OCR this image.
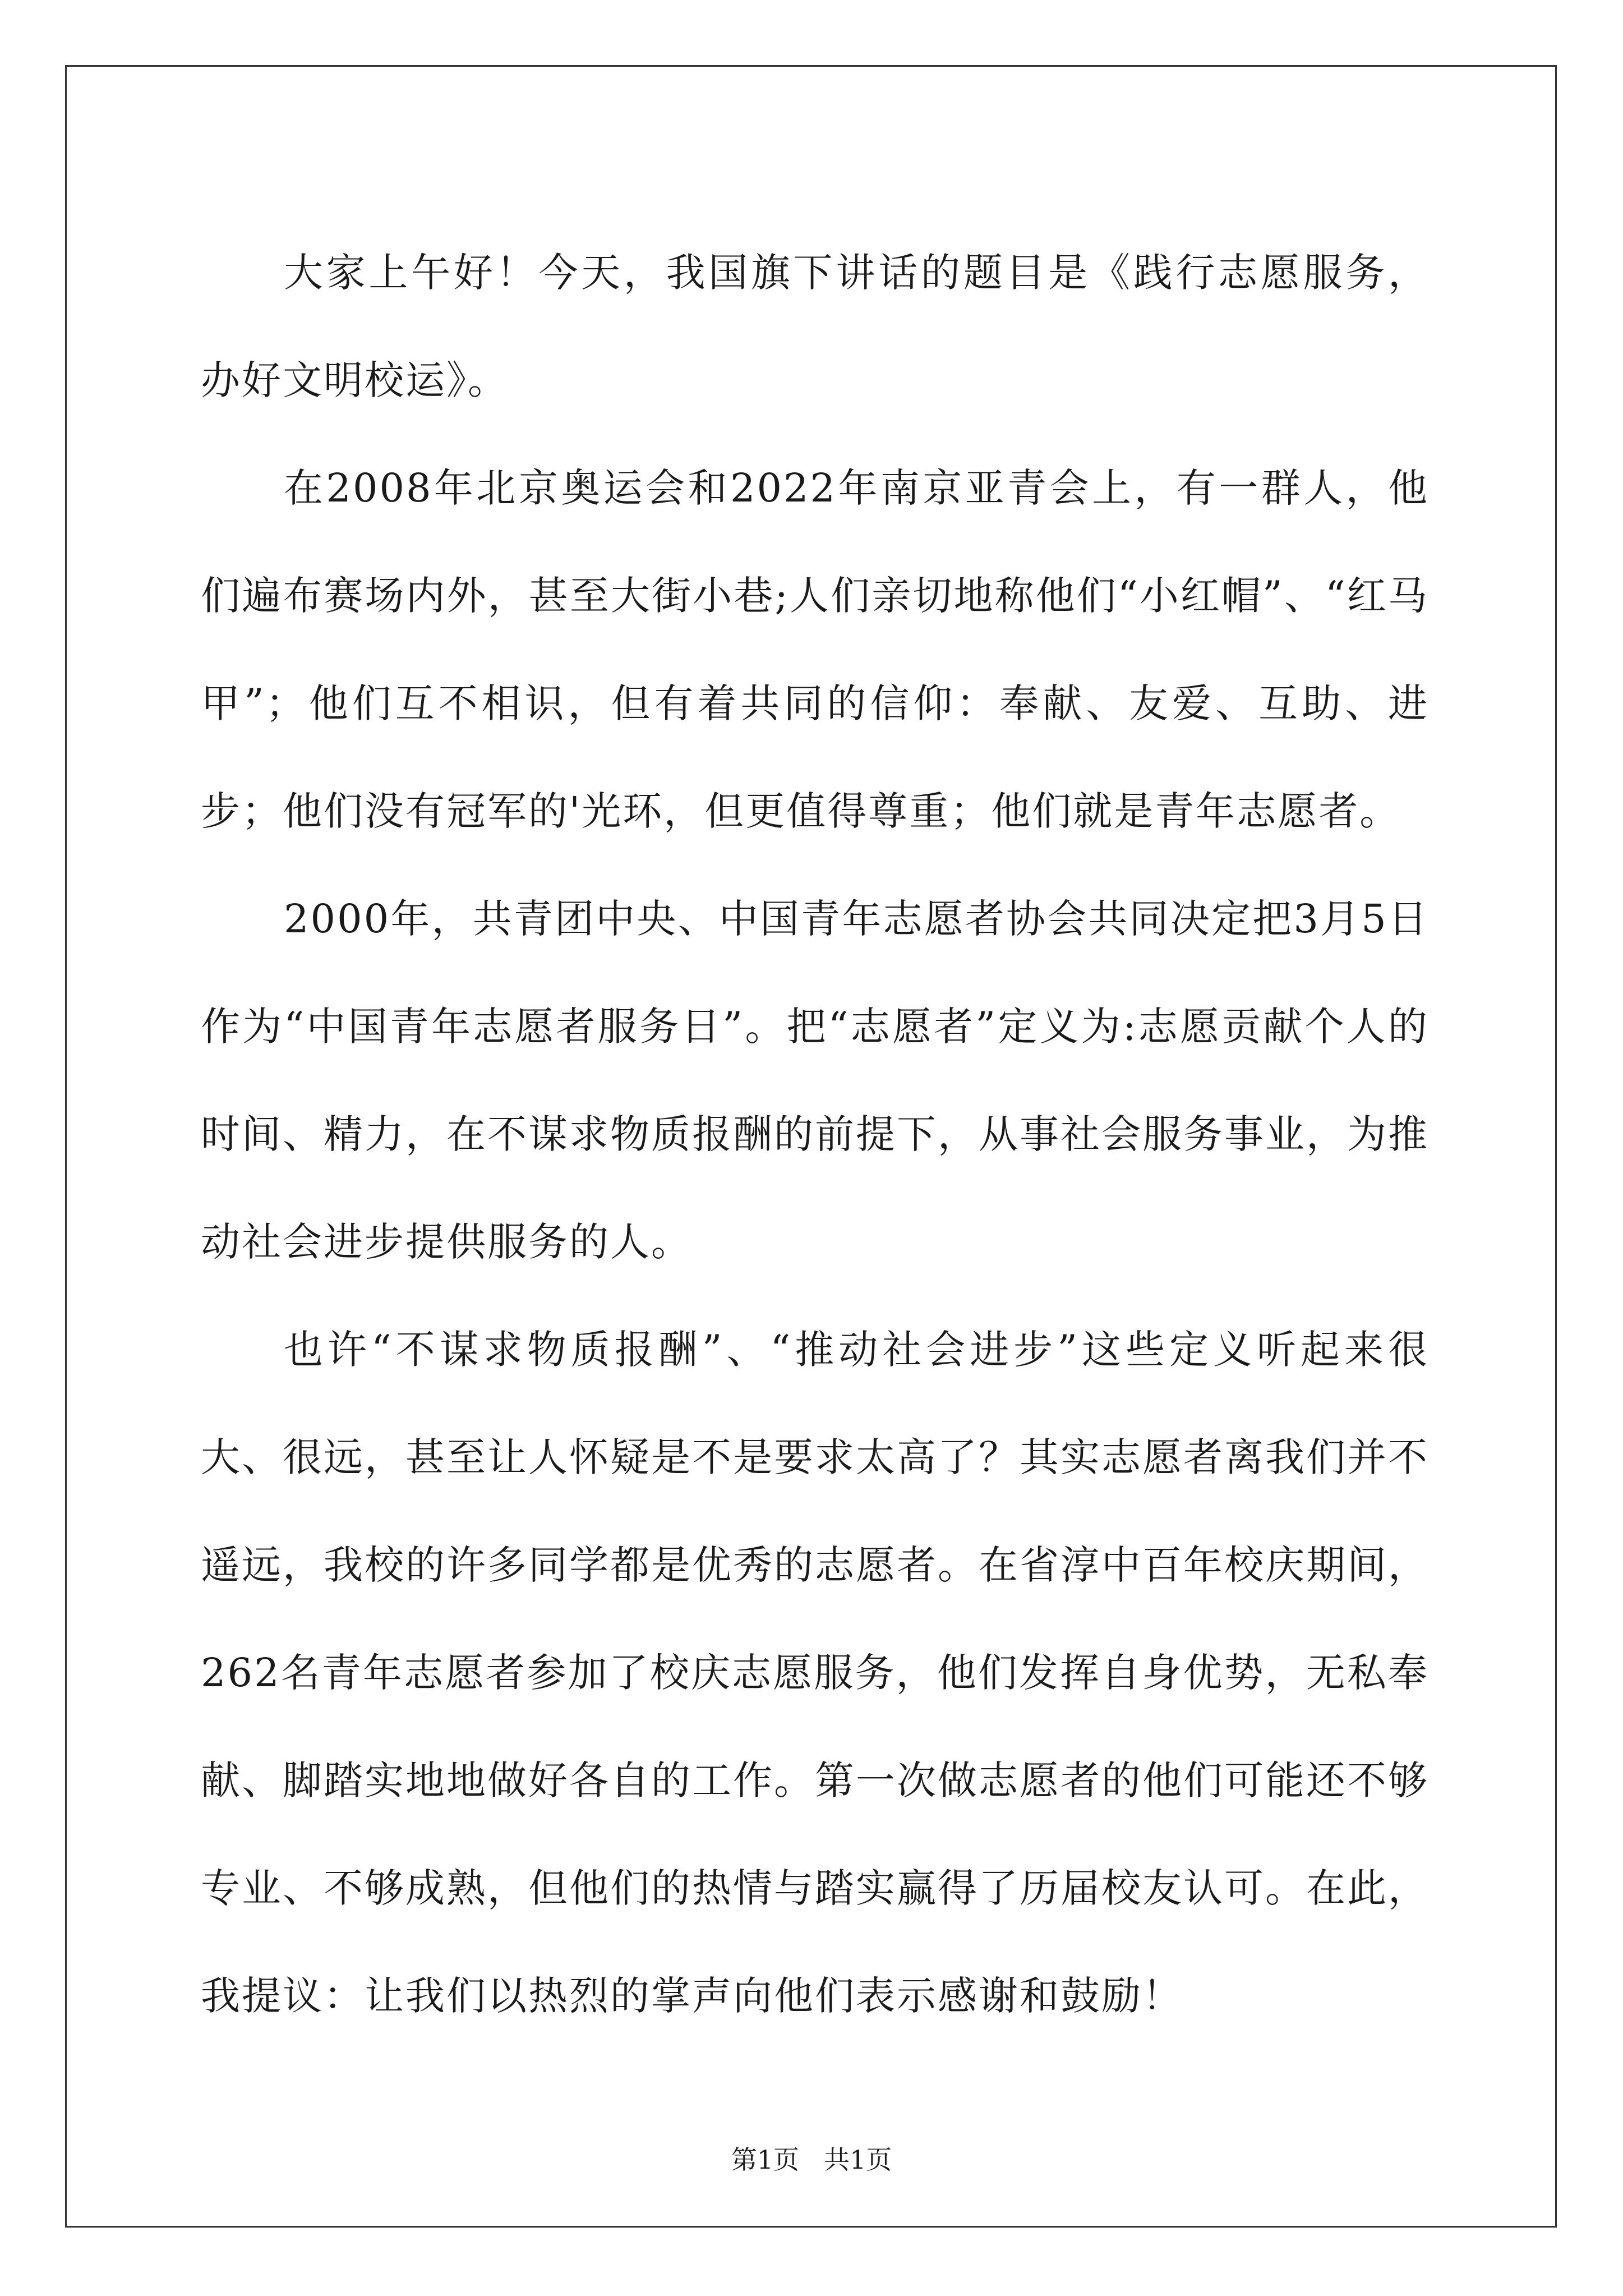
大家上午好！今天，我国旗下讲话的题目是《践行志愿服务，办好文明校运》。

在2008年北京奥运会和2022年南京亚青会上，有一群人，他们遍布赛场内外，甚至大街小巷;人们亲切地称他们“小红帽”、“红马甲”；他们互不相识，但有着共同的信仰：奉献、友爱、互助、进步；他们没有冠军的'光环，但更值得尊重；他们就是青年志愿者。

2000年，共青团中央、中国青年志愿者协会共同决定把3月5日作为“中国青年志愿者服务日”。把“志愿者”定义为:志愿贡献个人的时间、精力，在不谋求物质报酬的前提下，从事社会服务事业，为推动社会进步提供服务的人。

也许“不谋求物质报酬”、“推动社会进步”这些定义听起来很大、很远，甚至让人怀疑是不是要求太高了？其实志愿者离我们并不遥远，我校的许多同学都是优秀的志愿者。在省淳中百年校庆期间，262名青年志愿者参加了校庆志愿服务，他们发挥自身优势，无私奉献、脚踏实地地做好各自的工作。第一次做志愿者的他们可能还不够专业、不够成熟，但他们的热情与踏实赢得了历届校友认可。在此，我提议：让我们以热烈的掌声向他们表示感谢和鼓励！

第1页 共1页
